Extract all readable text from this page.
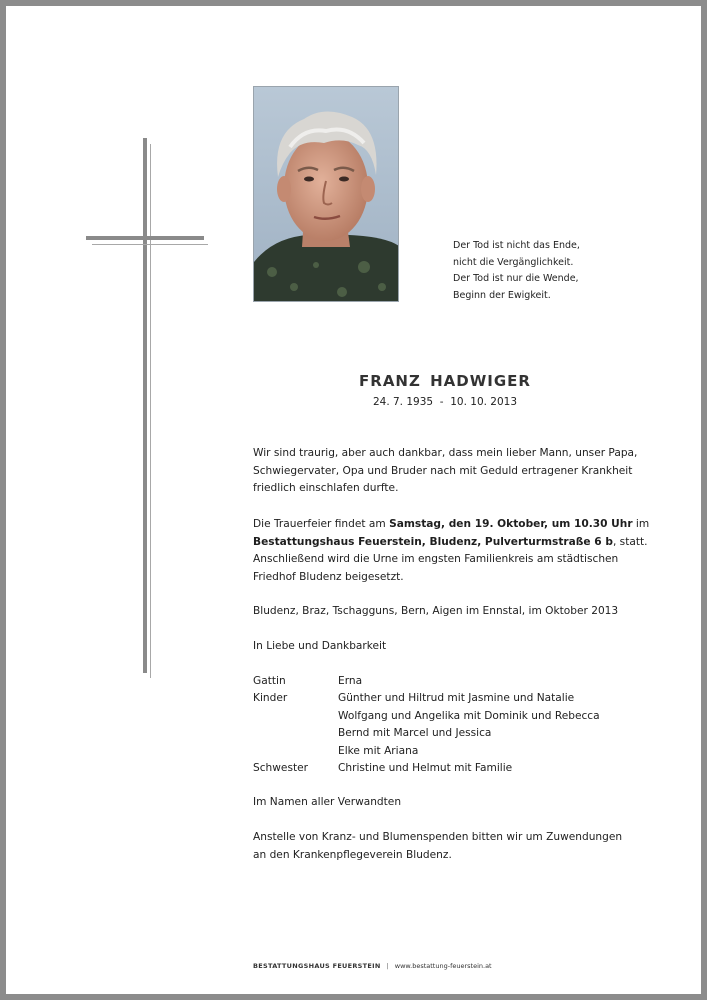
Der Tod ist nicht das Ende,
nicht die Vergänglichkeit.
Der Tod ist nur die Wende,
Beginn der Ewigkeit.
FRANZ HADWIGER
24. 7. 1935  -  10. 10. 2013
Wir sind traurig, aber auch dankbar, dass mein lieber Mann, unser Papa,
Schwiegervater, Opa und Bruder nach mit Geduld ertragener Krankheit
friedlich einschlafen durfte.
Die Trauerfeier findet am Samstag, den 19. Oktober, um 10.30 Uhr im
Bestattungshaus Feuerstein, Bludenz, Pulverturmstraße 6 b, statt.
Anschließend wird die Urne im engsten Familienkreis am städtischen
Friedhof Bludenz beigesetzt.
Bludenz, Braz, Tschagguns, Bern, Aigen im Ennstal, im Oktober 2013
In Liebe und Dankbarkeit
Gattin	Erna
Kinder	Günther und Hiltrud mit Jasmine und Natalie
Wolfgang und Angelika mit Dominik und Rebecca
Bernd mit Marcel und Jessica
Elke mit Ariana
Schwester	Christine und Helmut mit Familie
Im Namen aller Verwandten
Anstelle von Kranz- und Blumenspenden bitten wir um Zuwendungen
an den Krankenpflegeverein Bludenz.
BESTATTUNGSHAUS FEUERSTEIN | www.bestattung-feuerstein.at
